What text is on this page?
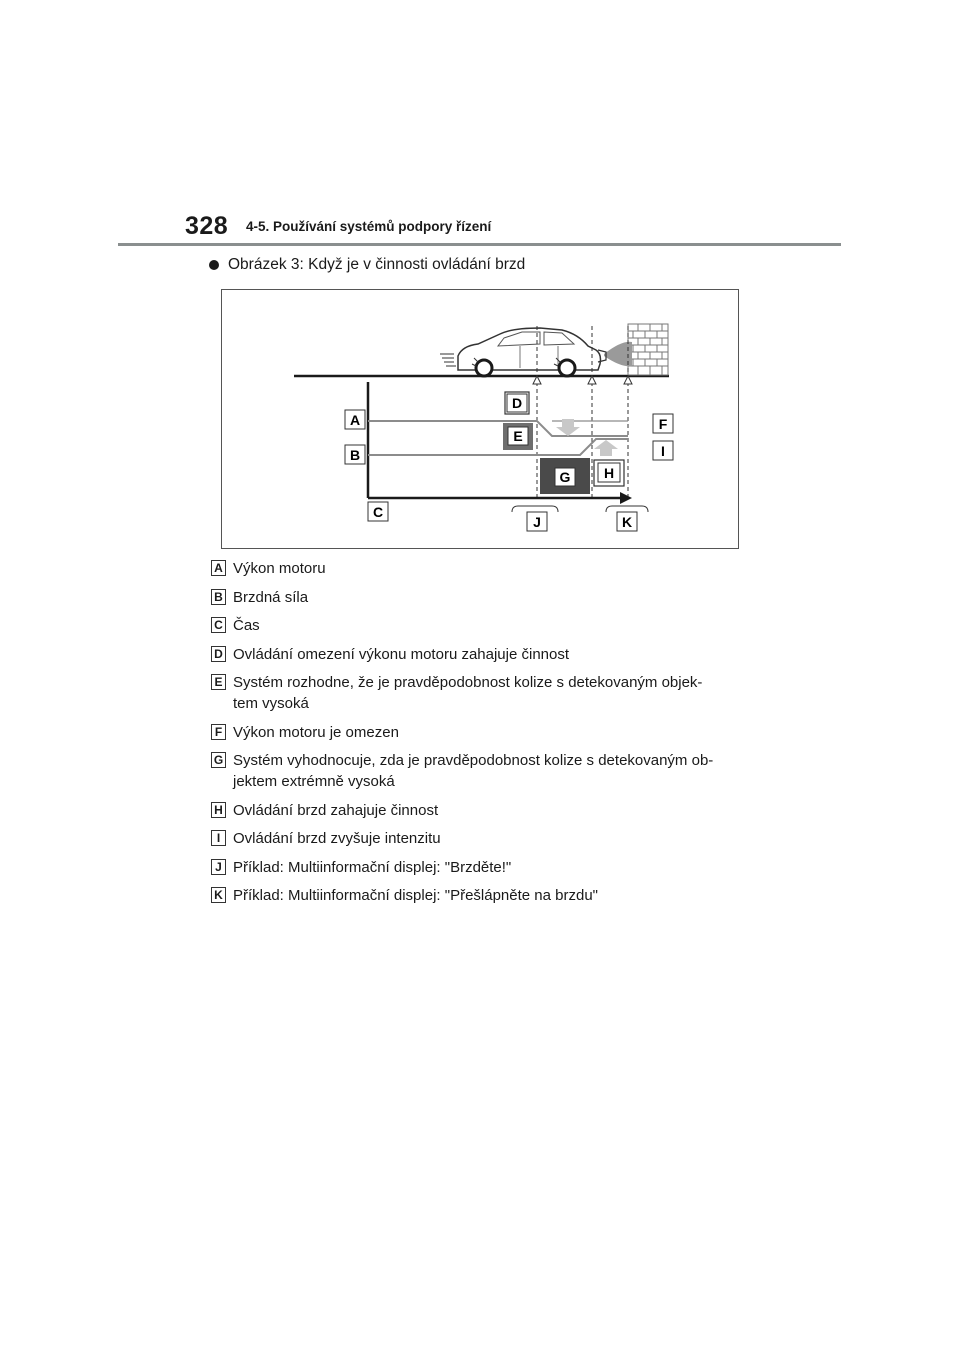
328 4-5. Používání systémů podpory řízení
Obrázek 3: Když je v činnosti ovládání brzd
A
B
C
D
E
F
G H
I
J	K
A Výkon motoru
B Brzdná síla
C Čas
D Ovládání omezení výkonu motoru zahajuje činnost
E Systém rozhodne, že je pravděpodobnost kolize s detekovaným objek-
tem vysoká
F Výkon motoru je omezen
G Systém vyhodnocuje, zda je pravděpodobnost kolize s detekovaným ob-
jektem extrémně vysoká
H Ovládání brzd zahajuje činnost
I Ovládání brzd zvyšuje intenzitu
J Příklad: Multiinformační displej: "Brzděte!"
K Příklad: Multiinformační displej: "Přešlápněte na brzdu"
